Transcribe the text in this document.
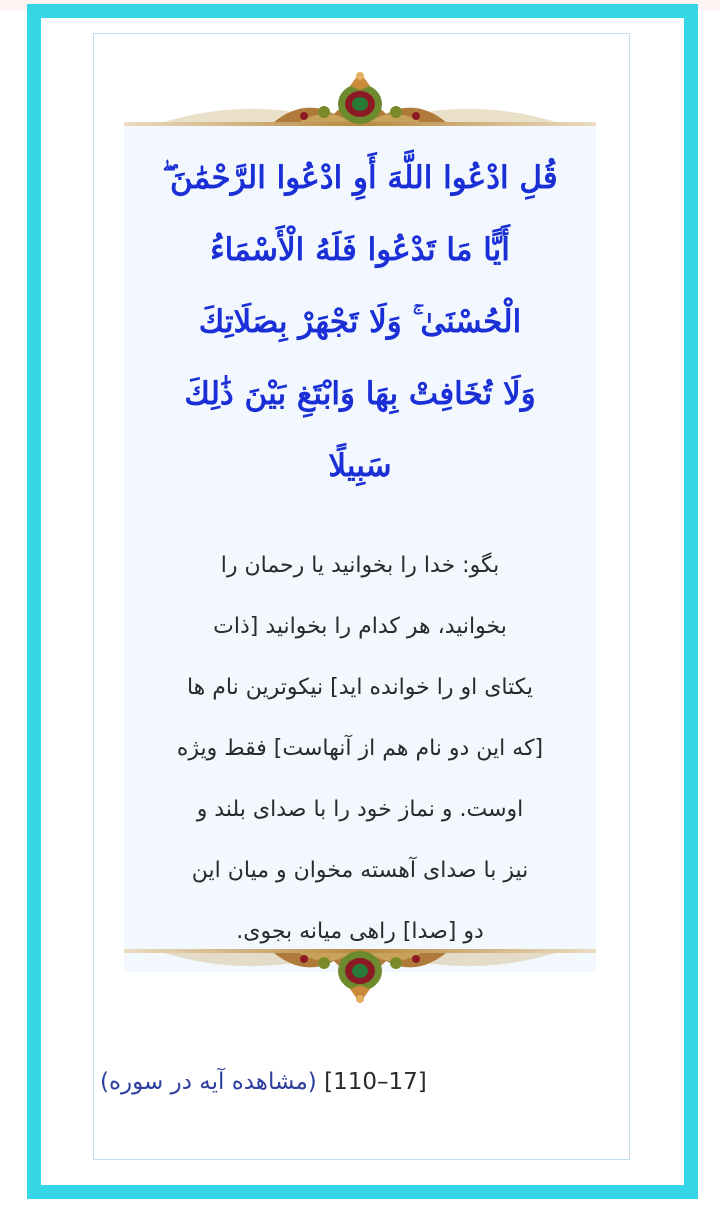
قُلِ ادْعُوا اللَّهَ أَوِ ادْعُوا الرَّحْمَٰنَ ۖ
أَيًّا مَا تَدْعُوا فَلَهُ الْأَسْمَاءُ
الْحُسْنَىٰ ۚ وَلَا تَجْهَرْ بِصَلَاتِكَ
وَلَا تُخَافِتْ بِهَا وَابْتَغِ بَيْنَ ذَٰلِكَ
سَبِيلًا
بگو: خدا را بخوانید یا رحمان را
بخوانید، هر کدام را بخوانید [ذات
یکتای او را خوانده اید] نیکوترین نام ها
[که این دو نام هم از آنهاست] فقط ویژه
اوست. و نماز خود را با صدای بلند و
نیز با صدای آهسته مخوان و میان این
دو [صدا] راهی میانه بجوی.
[17–110] (مشاهده آیه در سوره)
